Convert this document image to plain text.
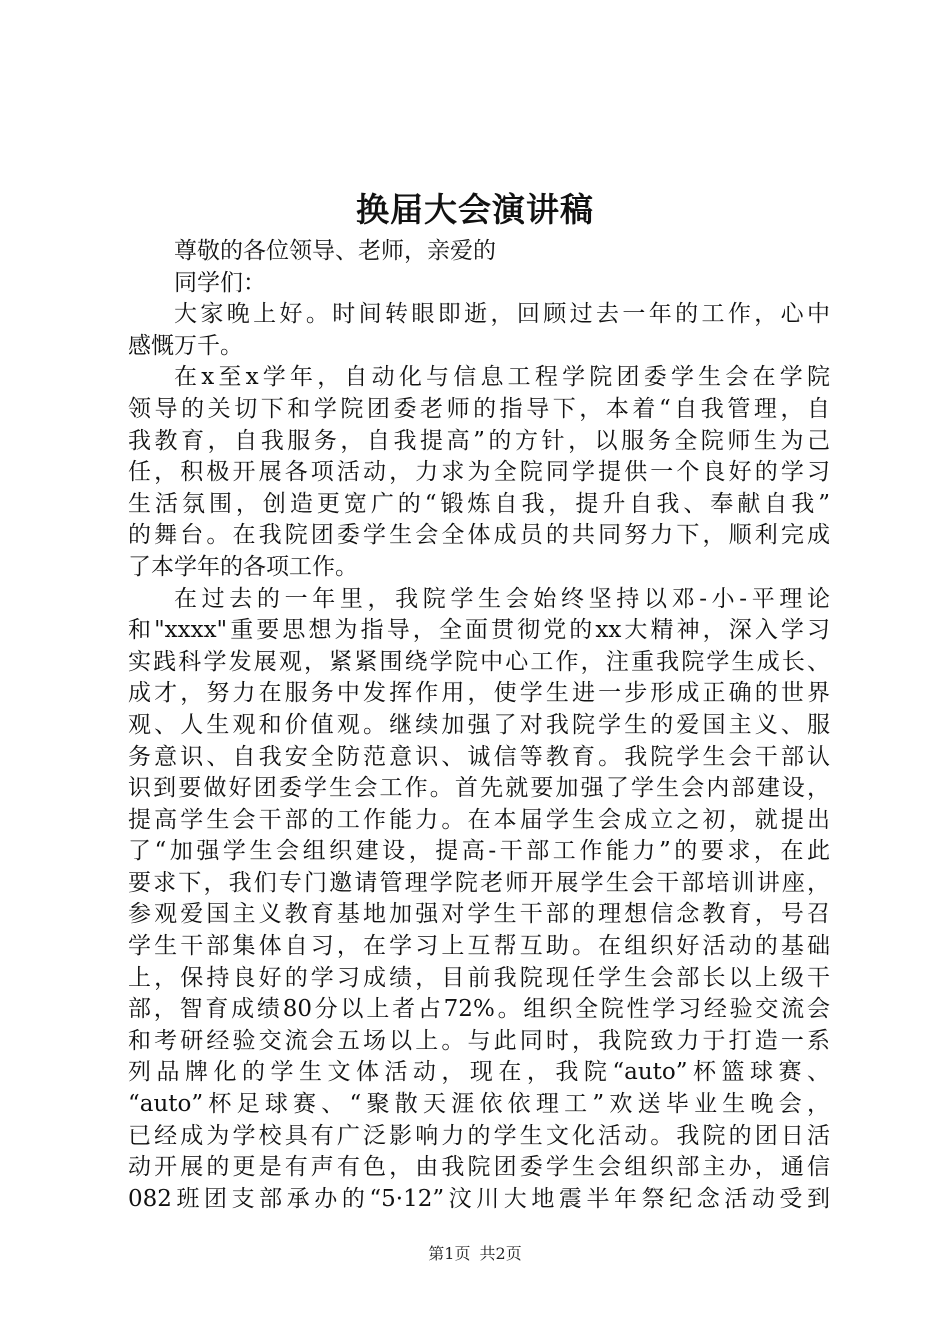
换届大会演讲稿
尊敬的各位领导、老师，亲爱的
同学们：
大家晚上好。时间转眼即逝，回顾过去一年的工作，心中
感慨万千。
在x至x学年，自动化与信息工程学院团委学生会在学院
领导的关切下和学院团委老师的指导下，本着“自我管理，自
我教育，自我服务，自我提高”的方针，以服务全院师生为己
任，积极开展各项活动，力求为全院同学提供一个良好的学习
生活氛围，创造更宽广的“锻炼自我，提升自我、奉献自我”
的舞台。在我院团委学生会全体成员的共同努力下，顺利完成
了本学年的各项工作。
在过去的一年里，我院学生会始终坚持以邓-小-平理论
和"xxxx"重要思想为指导，全面贯彻党的xx大精神，深入学习
实践科学发展观，紧紧围绕学院中心工作，注重我院学生成长、
成才，努力在服务中发挥作用，使学生进一步形成正确的世界
观、人生观和价值观。继续加强了对我院学生的爱国主义、服
务意识、自我安全防范意识、诚信等教育。我院学生会干部认
识到要做好团委学生会工作。首先就要加强了学生会内部建设，
提高学生会干部的工作能力。在本届学生会成立之初，就提出
了“加强学生会组织建设，提高-干部工作能力”的要求，在此
要求下，我们专门邀请管理学院老师开展学生会干部培训讲座，
参观爱国主义教育基地加强对学生干部的理想信念教育，号召
学生干部集体自习，在学习上互帮互助。在组织好活动的基础
上，保持良好的学习成绩，目前我院现任学生会部长以上级干
部，智育成绩80分以上者占72%。组织全院性学习经验交流会
和考研经验交流会五场以上。与此同时，我院致力于打造一系
列品牌化的学生文体活动，现在，我院“auto”杯篮球赛、
“auto”杯足球赛、“聚散天涯依依理工”欢送毕业生晚会，
已经成为学校具有广泛影响力的学生文化活动。我院的团日活
动开展的更是有声有色，由我院团委学生会组织部主办，通信
082班团支部承办的“5·12”汶川大地震半年祭纪念活动受到
第1页 共2页
